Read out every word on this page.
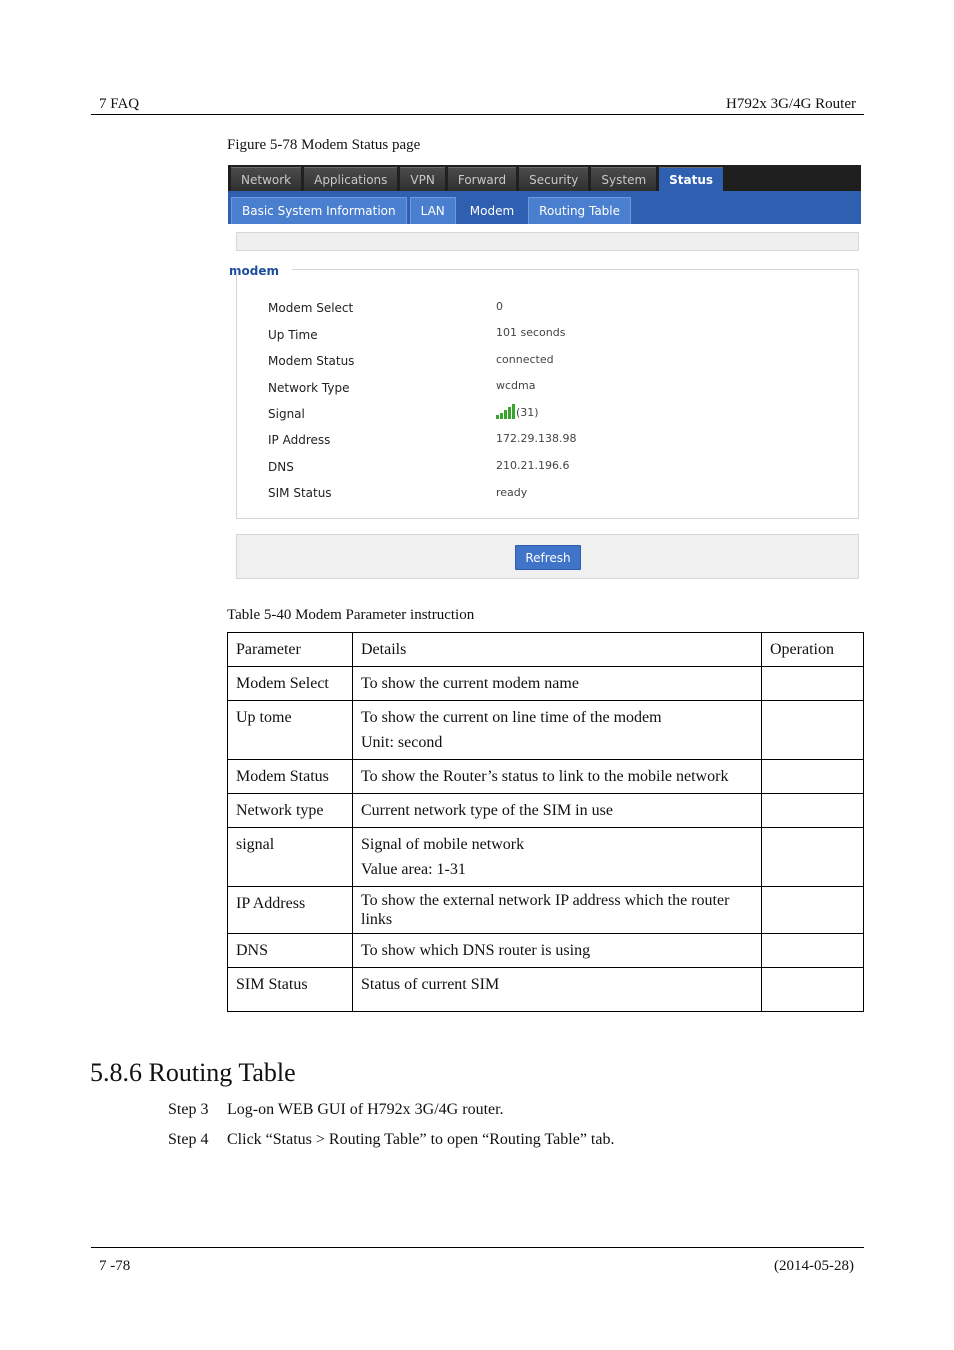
7 FAQ	H792x 3G/4G Router
Figure 5-78 Modem Status page
Network	Applications	VPN	Forward	Security	System	Status
Basic System Information	LAN	Modem	Routing Table
modem
Modem Select	0
Up Time	101 seconds
Modem Status	connected
Network Type	wcdma
Signal	(31)
IP Address	172.29.138.98
DNS	210.21.196.6
SIM Status	ready
Refresh
Table 5-40 Modem Parameter instruction
Parameter	Details	Operation
Modem Select	To show the current modem name	

Up tome	To show the current on line time of the modem
Unit: second	

Modem Status	To show the Router’s status to link to the mobile network	

Network type	Current network type of the SIM in use	

signal	Signal of mobile network
Value area: 1-31	

IP Address	To show the external network IP address which the router links	

DNS	To show which DNS router is using	

SIM Status	Status of current SIM	

5.8.6 Routing Table
Step 3 Log-on WEB GUI of H792x 3G/4G router.
Step 4 Click “Status > Routing Table” to open “Routing Table” tab.
7 -78	(2014-05-28)
